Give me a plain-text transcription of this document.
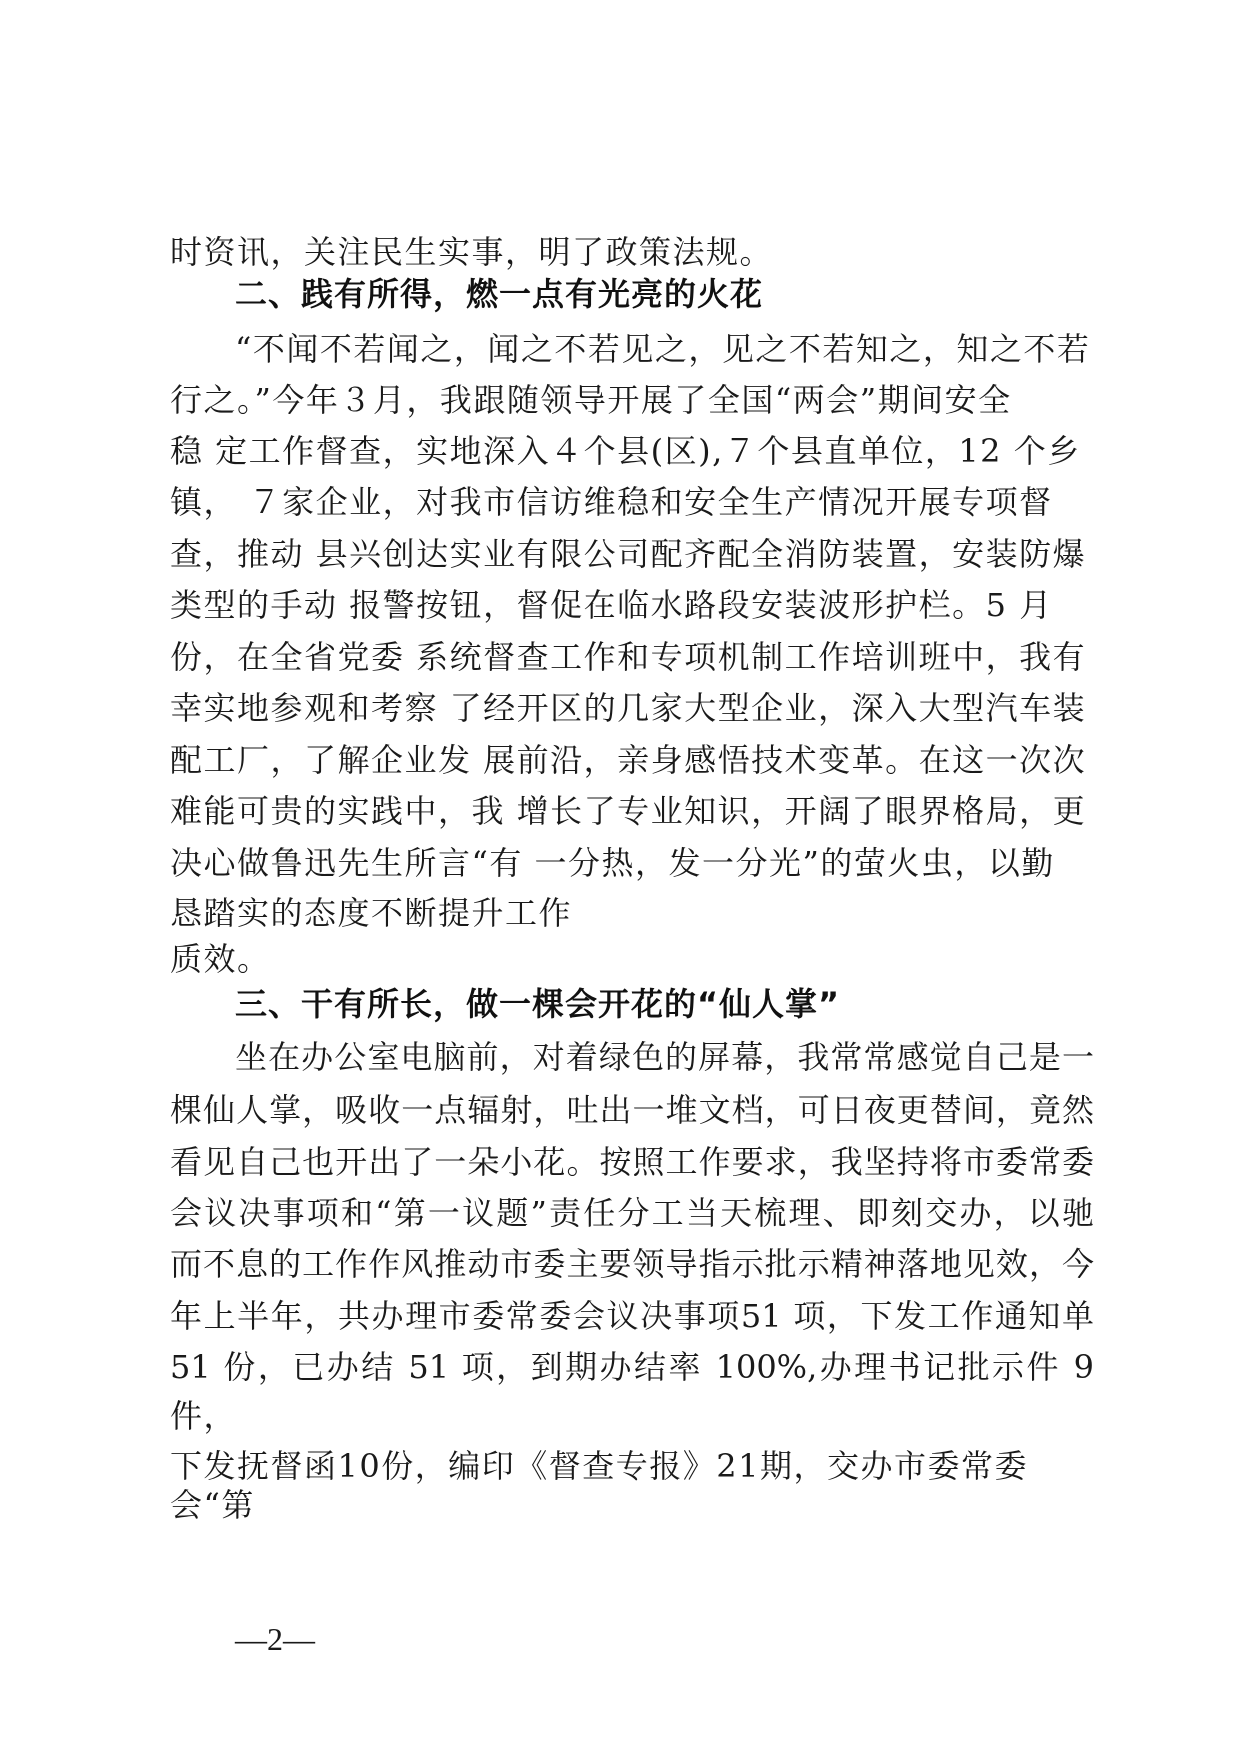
时资讯，关注民生实事，明了政策法规。
二、践有所得，燃一点有光亮的火花
“不闻不若闻之，闻之不若见之，见之不若知之，知之不若
行之。”今年３月，我跟随领导开展了全国“两会”期间安全
稳 定工作督查，实地深入４个县(区),７个县直单位，12 个乡
镇， ７家企业，对我市信访维稳和安全生产情况开展专项督
查，推动 县兴创达实业有限公司配齐配全消防装置，安装防爆
类型的手动 报警按钮，督促在临水路段安装波形护栏。5 月
份，在全省党委 系统督查工作和专项机制工作培训班中，我有
幸实地参观和考察 了经开区的几家大型企业，深入大型汽车装
配工厂，了解企业发 展前沿，亲身感悟技术变革。在这一次次
难能可贵的实践中，我 增长了专业知识，开阔了眼界格局，更
决心做鲁迅先生所言“有 一分热，发一分光”的萤火虫，以勤
恳踏实的态度不断提升工作
质效。
三、干有所长，做一棵会开花的“仙人掌”
坐在办公室电脑前，对着绿色的屏幕，我常常感觉自己是一
棵仙人掌，吸收一点辐射，吐出一堆文档，可日夜更替间，竟然
看见自己也开出了一朵小花。按照工作要求，我坚持将市委常委
会议决事项和“第一议题”责任分工当天梳理、即刻交办，以驰
而不息的工作作风推动市委主要领导指示批示精神落地见效，今
年上半年，共办理市委常委会议决事项51 项，下发工作通知单
51 份，已办结 51 项，到期办结率 100%,办理书记批示件 9
件，
下发抚督函10份，编印《督查专报》21期，交办市委常委
会“第
—2—
